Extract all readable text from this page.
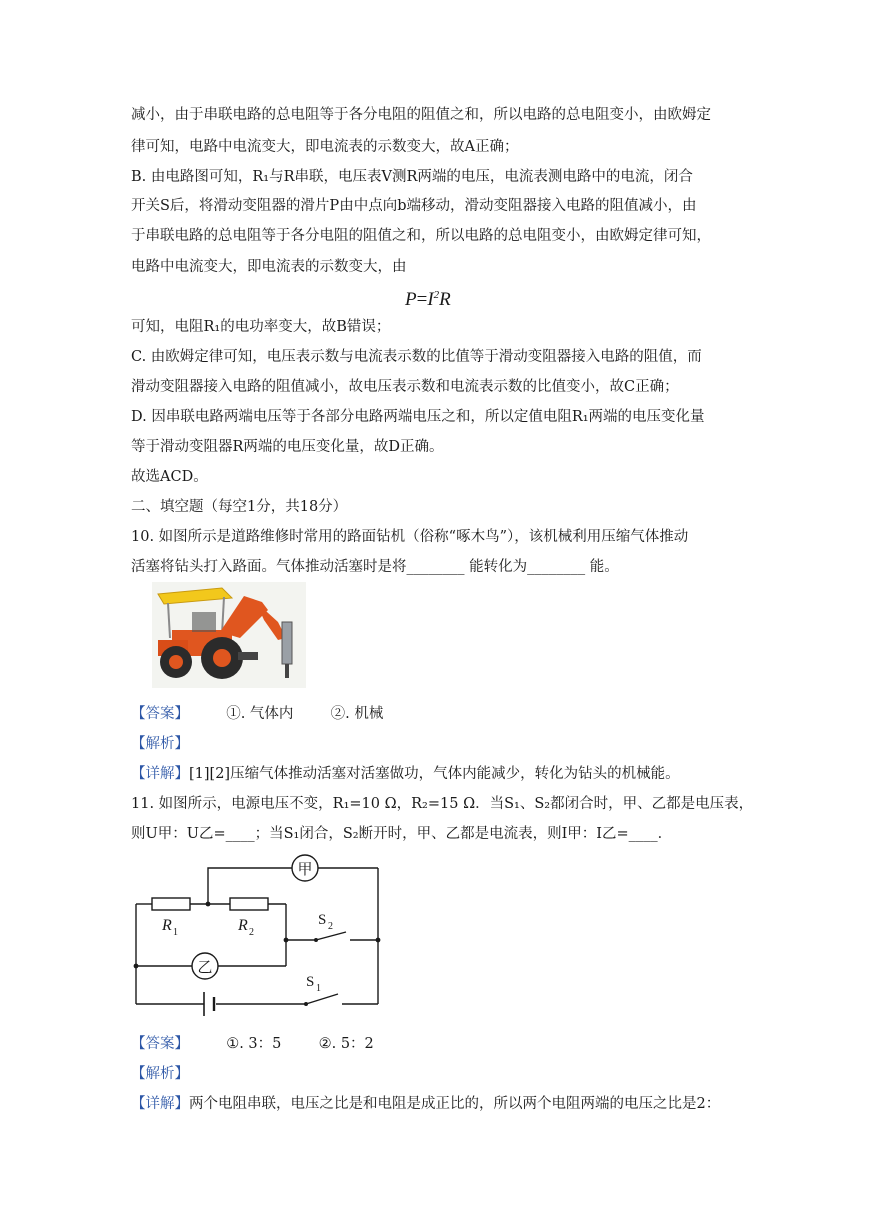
减小，由于串联电路的总电阻等于各分电阻的阻值之和，所以电路的总电阻变小，由欧姆定
律可知，电路中电流变大，即电流表的示数变大，故A正确；
B. 由电路图可知，R₁与R串联，电压表V测R两端的电压，电流表测电路中的电流，闭合
开关S后，将滑动变阻器的滑片P由中点向b端移动，滑动变阻器接入电路的阻值减小，由
于串联电路的总电阻等于各分电阻的阻值之和，所以电路的总电阻变小，由欧姆定律可知，
电路中电流变大，即电流表的示数变大，由
$P=I^2R$
可知，电阻R₁的电功率变大，故B错误；
C. 由欧姆定律可知，电压表示数与电流表示数的比值等于滑动变阻器接入电路的阻值，而
滑动变阻器接入电路的阻值减小，故电压表示数和电流表示数的比值变小，故C正确；
D. 因串联电路两端电压等于各部分电路两端电压之和，所以定值电阻R₁两端的电压变化量
等于滑动变阻器R两端的电压变化量，故D正确。
故选ACD。
二、填空题（每空1分，共18分）
10. 如图所示是道路维修时常用的路面钻机（俗称“啄木鸟”），该机械利用压缩气体推动
活塞将钻头打入路面。气体推动活塞时是将________ 能转化为________ 能。
【答案】	①. 气体内	②. 机械
【解析】
【详解】[1][2]压缩气体推动活塞对活塞做功，气体内能减少，转化为钻头的机械能。
11. 如图所示，电源电压不变，R₁=10 Ω，R₂=15 Ω．当S₁、S₂都闭合时，甲、乙都是电压表，
则U甲：U乙=____；当S₁闭合，S₂断开时，甲、乙都是电流表，则I甲：I乙=____．
甲
乙
R 1	R 2
S 2
S 1
【答案】	①. 3：5	②. 5：2
【解析】
【详解】两个电阻串联，电压之比是和电阻是成正比的，所以两个电阻两端的电压之比是2：
